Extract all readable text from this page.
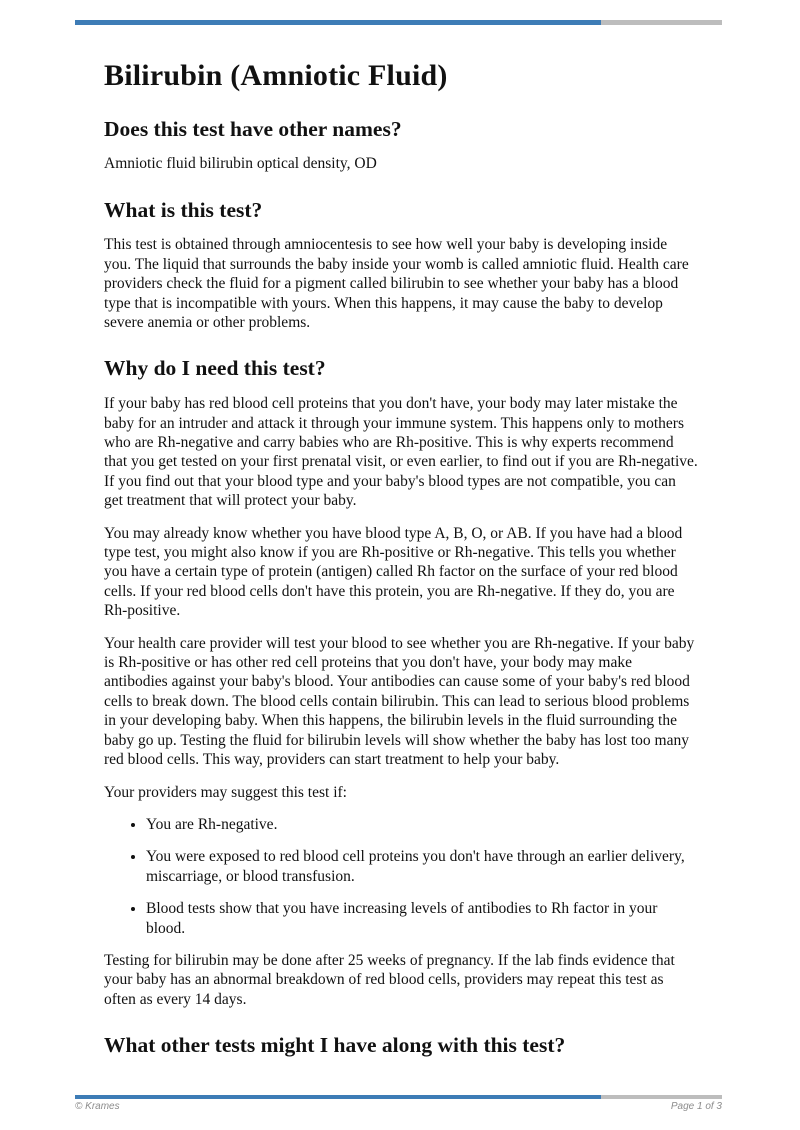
Bilirubin (Amniotic Fluid)
Does this test have other names?

Amniotic fluid bilirubin optical density, OD

What is this test?

This test is obtained through amniocentesis to see how well your baby is developing inside you. The liquid that surrounds the baby inside your womb is called amniotic fluid. Health care providers check the fluid for a pigment called bilirubin to see whether your baby has a blood type that is incompatible with yours. When this happens, it may cause the baby to develop severe anemia or other problems.

Why do I need this test?

If your baby has red blood cell proteins that you don't have, your body may later mistake the baby for an intruder and attack it through your immune system. This happens only to mothers who are Rh-negative and carry babies who are Rh-positive. This is why experts recommend that you get tested on your first prenatal visit, or even earlier, to find out if you are Rh-negative. If you find out that your blood type and your baby's blood types are not compatible, you can get treatment that will protect your baby.

You may already know whether you have blood type A, B, O, or AB. If you have had a blood type test, you might also know if you are Rh-positive or Rh-negative. This tells you whether you have a certain type of protein (antigen) called Rh factor on the surface of your red blood cells. If your red blood cells don't have this protein, you are Rh-negative. If they do, you are Rh-positive.

Your health care provider will test your blood to see whether you are Rh-negative. If your baby is Rh-positive or has other red cell proteins that you don't have, your body may make antibodies against your baby's blood. Your antibodies can cause some of your baby's red blood cells to break down. The blood cells contain bilirubin. This can lead to serious blood problems in your developing baby. When this happens, the bilirubin levels in the fluid surrounding the baby go up. Testing the fluid for bilirubin levels will show whether the baby has lost too many red blood cells. This way, providers can start treatment to help your baby.

Your providers may suggest this test if:

• You are Rh-negative.
• You were exposed to red blood cell proteins you don't have through an earlier delivery, miscarriage, or blood transfusion.
• Blood tests show that you have increasing levels of antibodies to Rh factor in your blood.

Testing for bilirubin may be done after 25 weeks of pregnancy. If the lab finds evidence that your baby has an abnormal breakdown of red blood cells, providers may repeat this test as often as every 14 days.

What other tests might I have along with this test?
© Krames	Page 1 of 3
